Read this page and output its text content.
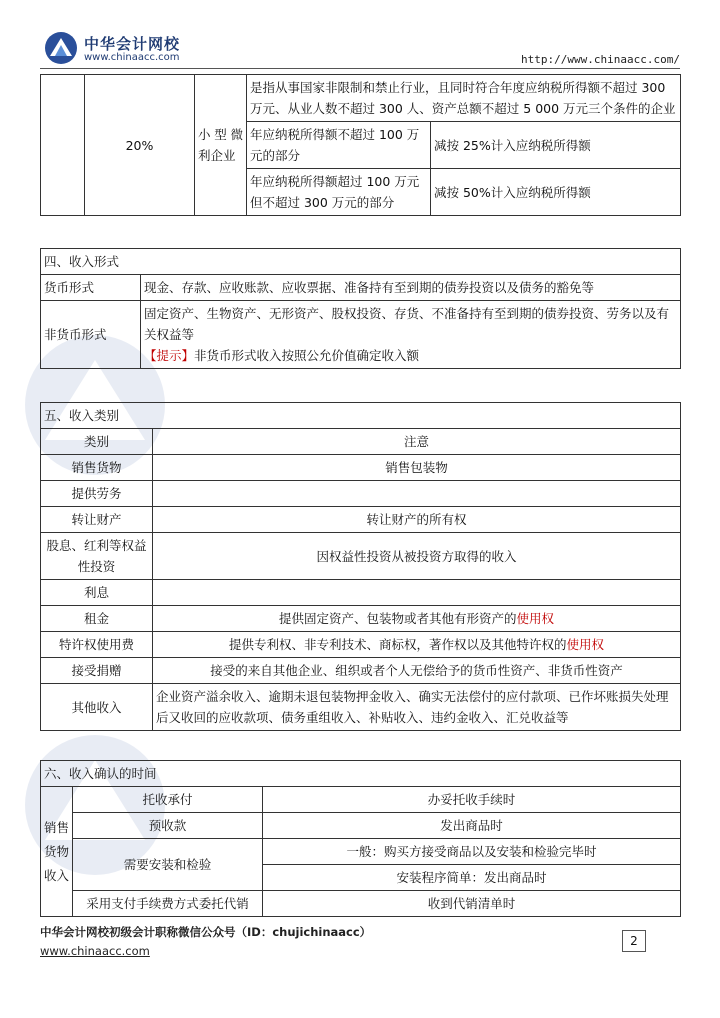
中华会计网校
www.chinaacc.com	http://www.chinaacc.com/
	20%	小型微利企业	是指从事国家非限制和禁止行业，且同时符合年度应纳税所得额不超过 300 万元、从业人数不超过 300 人、资产总额不超过 5 000 万元三个条件的企业	
			年应纳税所得额不超过 100 万元的部分	减按 25%计入应纳税所得额
			年应纳税所得额超过 100 万元但不超过 300 万元的部分	减按 50%计入应纳税所得额
四、收入形式	
货币形式	现金、存款、应收账款、应收票据、准备持有至到期的债券投资以及债务的豁免等
非货币形式	固定资产、生物资产、无形资产、股权投资、存货、不准备持有至到期的债券投资、劳务以及有关权益等
【提示】非货币形式收入按照公允价值确定收入额
五、收入类别	
类别	注意
销售货物	销售包装物
提供劳务	
转让财产	转让财产的所有权
股息、红利等权益性投资	因权益性投资从被投资方取得的收入
利息	
租金	提供固定资产、包装物或者其他有形资产的使用权
特许权使用费	提供专利权、非专利技术、商标权，著作权以及其他特许权的使用权
接受捐赠	接受的来自其他企业、组织或者个人无偿给予的货币性资产、非货币性资产
其他收入	企业资产溢余收入、逾期未退包装物押金收入、确实无法偿付的应付款项、已作坏账损失处理后又收回的应收款项、债务重组收入、补贴收入、违约金收入、汇兑收益等
六、收入确认的时间		
销售货物收入	托收承付	办妥托收手续时
	预收款	发出商品时
	需要安装和检验	一般：购买方接受商品以及安装和检验完毕时
		安装程序简单：发出商品时
	采用支付手续费方式委托代销	收到代销清单时
中华会计网校初级会计职称微信公众号（ID：chujichinaacc）
www.chinaacc.com
2
